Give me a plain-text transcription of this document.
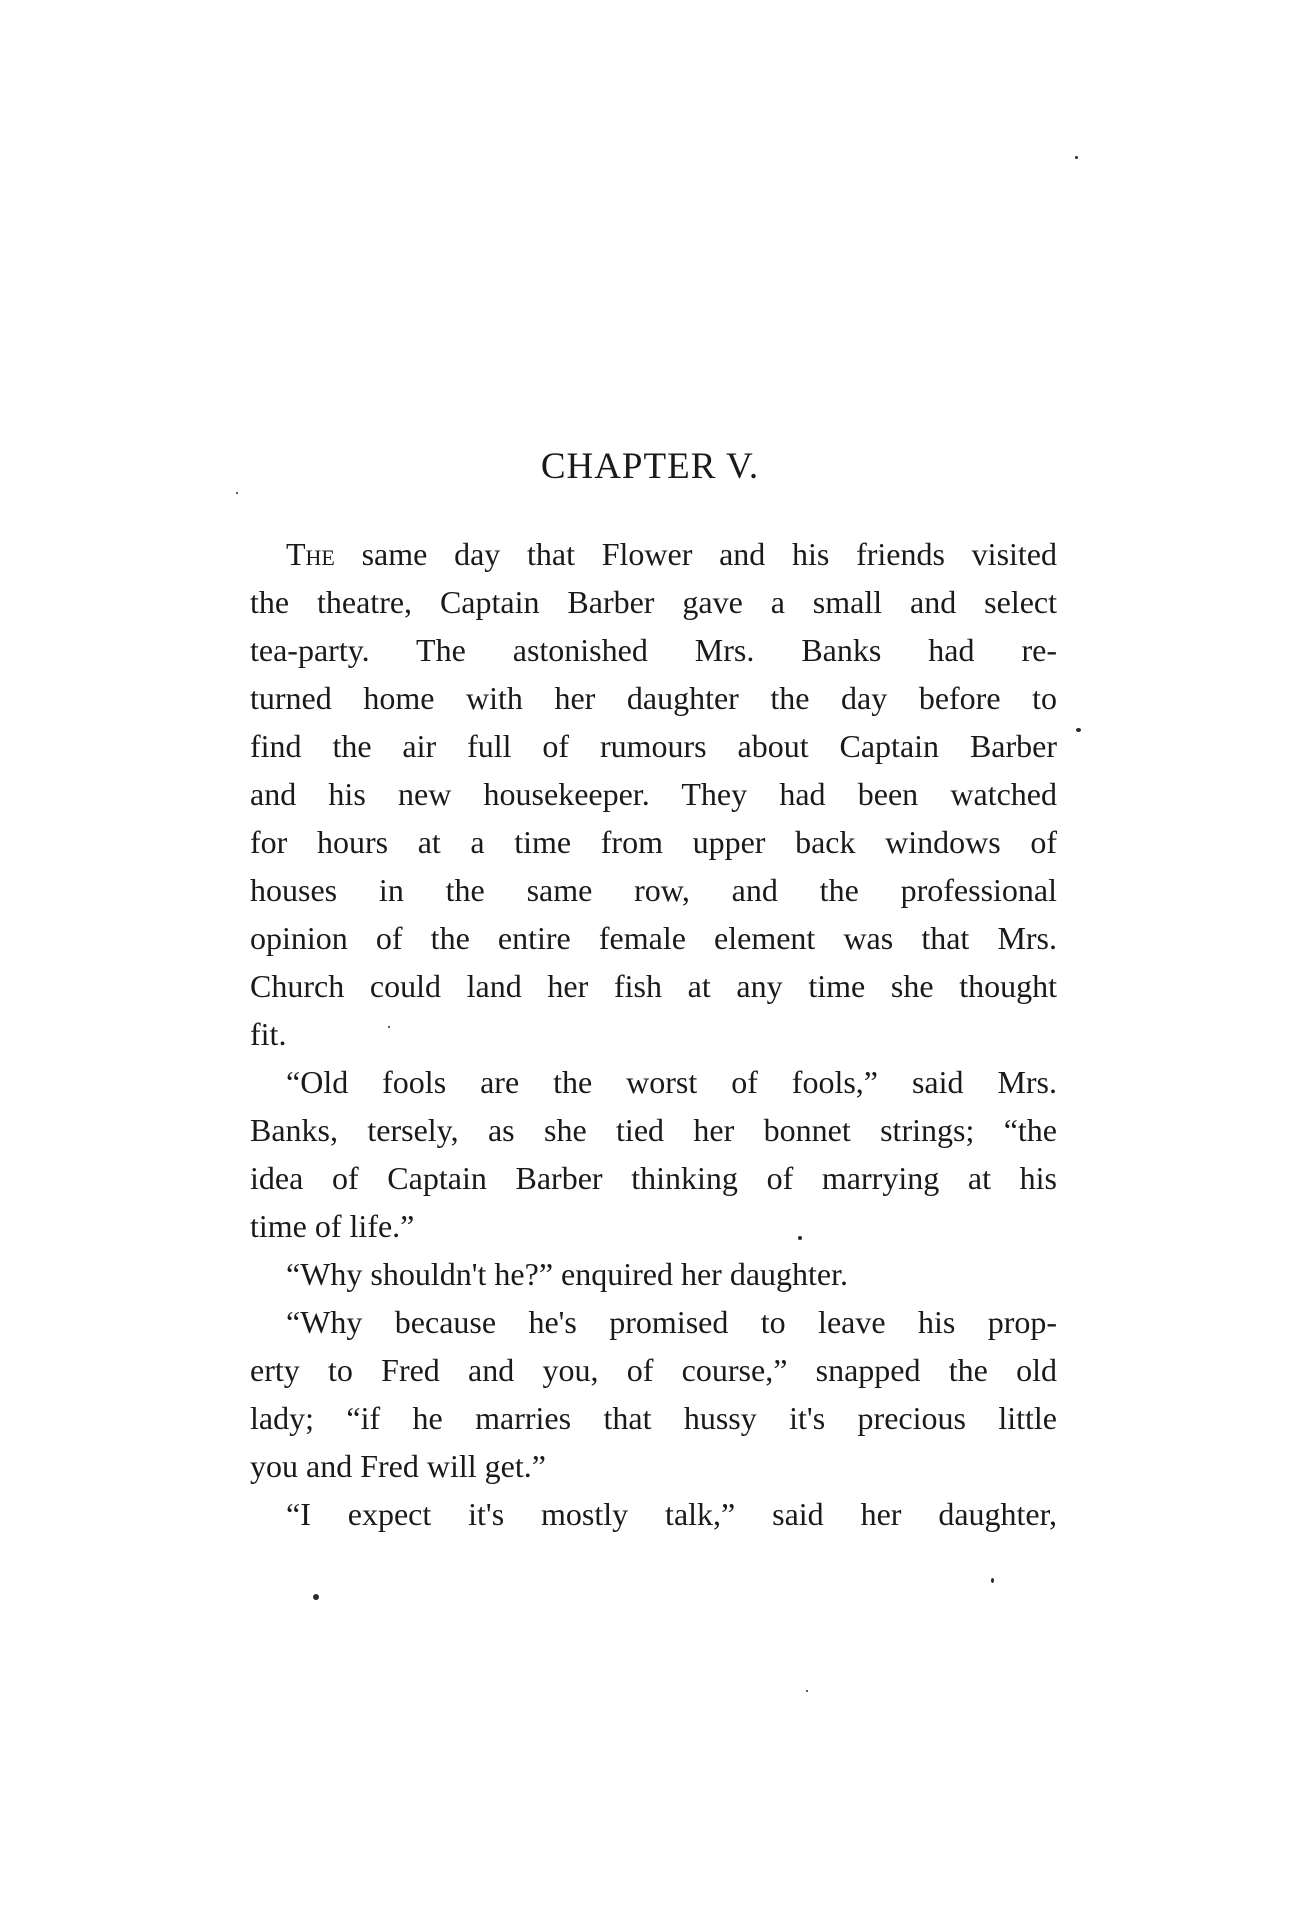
CHAPTER V.
The same day that Flower and his friends visited
the theatre, Captain Barber gave a small and select
tea-party. The astonished Mrs. Banks had re-
turned home with her daughter the day before to
find the air full of rumours about Captain Barber
and his new housekeeper. They had been watched
for hours at a time from upper back windows of
houses in the same row, and the professional
opinion of the entire female element was that Mrs.
Church could land her fish at any time she thought
fit.
“Old fools are the worst of fools,” said Mrs.
Banks, tersely, as she tied her bonnet strings; “the
idea of Captain Barber thinking of marrying at his
time of life.”
“Why shouldn't he?” enquired her daughter.
“Why because he's promised to leave his prop-
erty to Fred and you, of course,” snapped the old
lady; “if he marries that hussy it's precious little
you and Fred will get.”
“I expect it's mostly talk,” said her daughter,
